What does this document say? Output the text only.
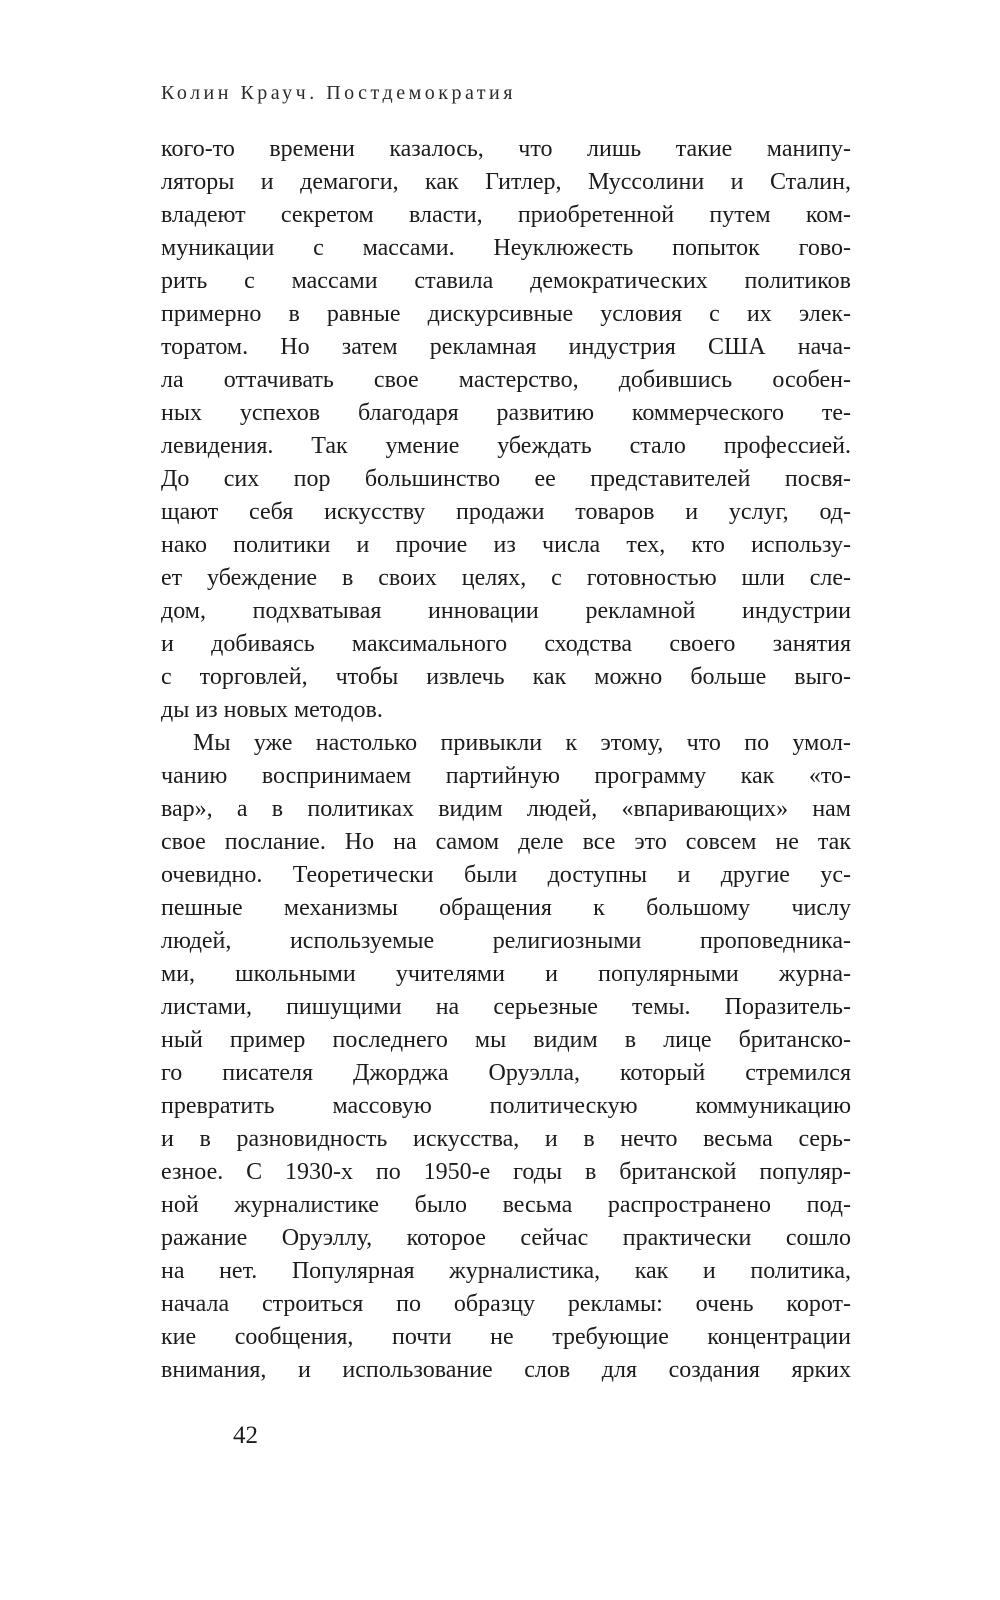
Колин Крауч. Постдемократия
кого-то времени казалось, что лишь такие манипу-
ляторы и демагоги, как Гитлер, Муссолини и Сталин,
владеют секретом власти, приобретенной путем ком-
муникации с массами. Неуклюжесть попыток гово-
рить с массами ставила демократических политиков
примерно в равные дискурсивные условия с их элек-
торатом. Но затем рекламная индустрия США нача-
ла оттачивать свое мастерство, добившись особен-
ных успехов благодаря развитию коммерческого те-
левидения. Так умение убеждать стало профессией.
До сих пор большинство ее представителей посвя-
щают себя искусству продажи товаров и услуг, од-
нако политики и прочие из числа тех, кто использу-
ет убеждение в своих целях, с готовностью шли сле-
дом, подхватывая инновации рекламной индустрии
и добиваясь максимального сходства своего занятия
с торговлей, чтобы извлечь как можно больше выго-
ды из новых методов.
Мы уже настолько привыкли к этому, что по умол-
чанию воспринимаем партийную программу как «то-
вар», а в политиках видим людей, «впаривающих» нам
свое послание. Но на самом деле все это совсем не так
очевидно. Теоретически были доступны и другие ус-
пешные механизмы обращения к большому числу
людей, используемые религиозными проповедника-
ми, школьными учителями и популярными журна-
листами, пишущими на серьезные темы. Поразитель-
ный пример последнего мы видим в лице британско-
го писателя Джорджа Оруэлла, который стремился
превратить массовую политическую коммуникацию
и в разновидность искусства, и в нечто весьма серь-
езное. С 1930-х по 1950-е годы в британской популяр-
ной журналистике было весьма распространено под-
ражание Оруэллу, которое сейчас практически сошло
на нет. Популярная журналистика, как и политика,
начала строиться по образцу рекламы: очень корот-
кие сообщения, почти не требующие концентрации
внимания, и использование слов для создания ярких
42
